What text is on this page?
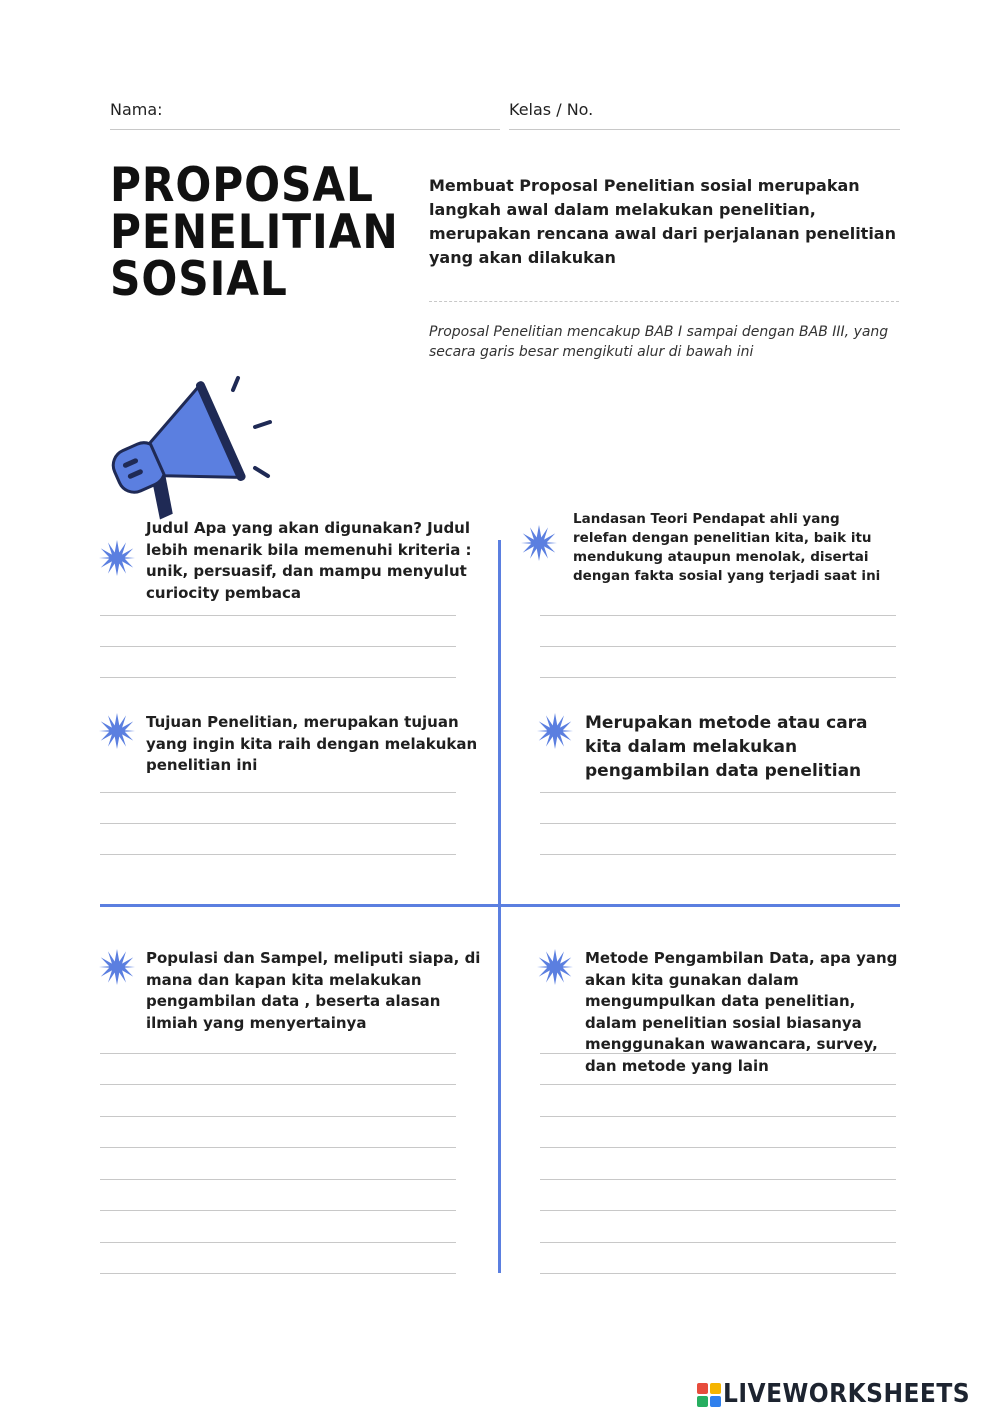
Nama:	Kelas / No.
PROPOSAL
PENELITIAN
SOSIAL
Membuat Proposal Penelitian sosial merupakan langkah awal dalam melakukan penelitian, merupakan rencana awal dari perjalanan penelitian yang akan dilakukan
Proposal Penelitian mencakup BAB I sampai dengan BAB III, yang secara garis besar mengikuti alur di bawah ini
Judul Apa yang akan digunakan? Judul lebih menarik bila memenuhi kriteria : unik, persuasif, dan mampu menyulut curiocity pembaca
Landasan Teori Pendapat ahli yang relefan dengan penelitian kita, baik itu mendukung ataupun menolak, disertai dengan fakta sosial yang terjadi saat ini
Tujuan Penelitian, merupakan tujuan yang ingin kita raih dengan melakukan penelitian ini
Merupakan metode atau cara kita dalam melakukan pengambilan data penelitian
Populasi dan Sampel, meliputi siapa, di mana dan kapan kita melakukan pengambilan data , beserta alasan ilmiah yang menyertainya
Metode Pengambilan Data, apa yang akan kita gunakan dalam mengumpulkan data penelitian, dalam penelitian sosial biasanya menggunakan wawancara, survey, dan metode yang lain
LIVEWORKSHEETS
